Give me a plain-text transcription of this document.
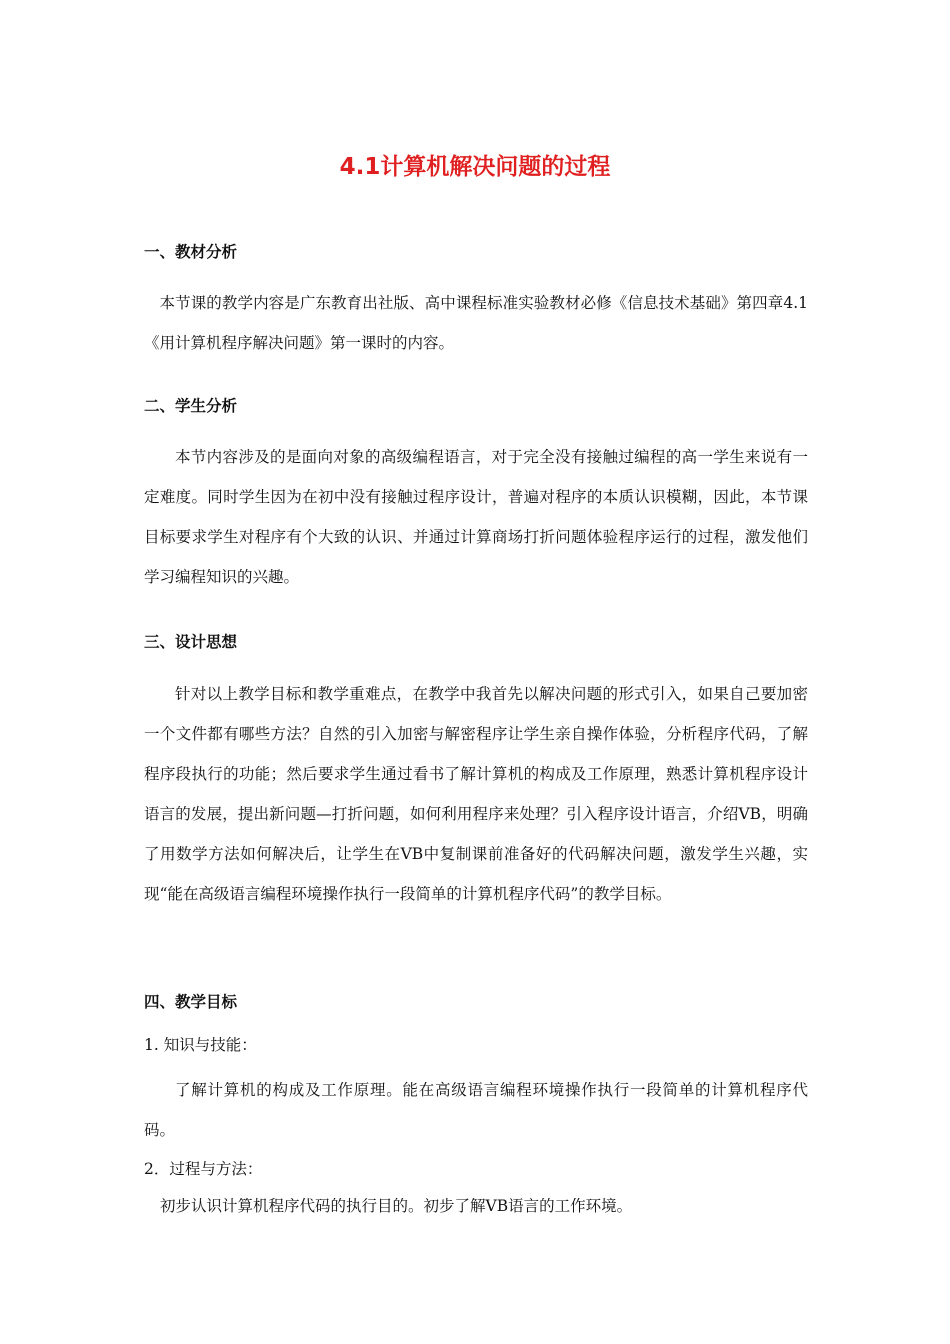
4.1计算机解决问题的过程
一、教材分析

本节课的教学内容是广东教育出社版、高中课程标准实验教材必修《信息技术基础》第四章4.1《用计算机程序解决问题》第一课时的内容。

二、学生分析

本节内容涉及的是面向对象的高级编程语言，对于完全没有接触过编程的高一学生来说有一定难度。同时学生因为在初中没有接触过程序设计，普遍对程序的本质认识模糊，因此，本节课目标要求学生对程序有个大致的认识、并通过计算商场打折问题体验程序运行的过程，激发他们学习编程知识的兴趣。

三、设计思想

针对以上教学目标和教学重难点，在教学中我首先以解决问题的形式引入，如果自己要加密一个文件都有哪些方法？自然的引入加密与解密程序让学生亲自操作体验，分析程序代码，了解程序段执行的功能；然后要求学生通过看书了解计算机的构成及工作原理，熟悉计算机程序设计语言的发展，提出新问题—打折问题，如何利用程序来处理？引入程序设计语言，介绍VB，明确了用数学方法如何解决后，让学生在VB中复制课前准备好的代码解决问题，激发学生兴趣，实现“能在高级语言编程环境操作执行一段简单的计算机程序代码”的教学目标。

四、教学目标
1. 知识与技能：

了解计算机的构成及工作原理。能在高级语言编程环境操作执行一段简单的计算机程序代码。

2．过程与方法：
初步认识计算机程序代码的执行目的。初步了解VB语言的工作环境。
